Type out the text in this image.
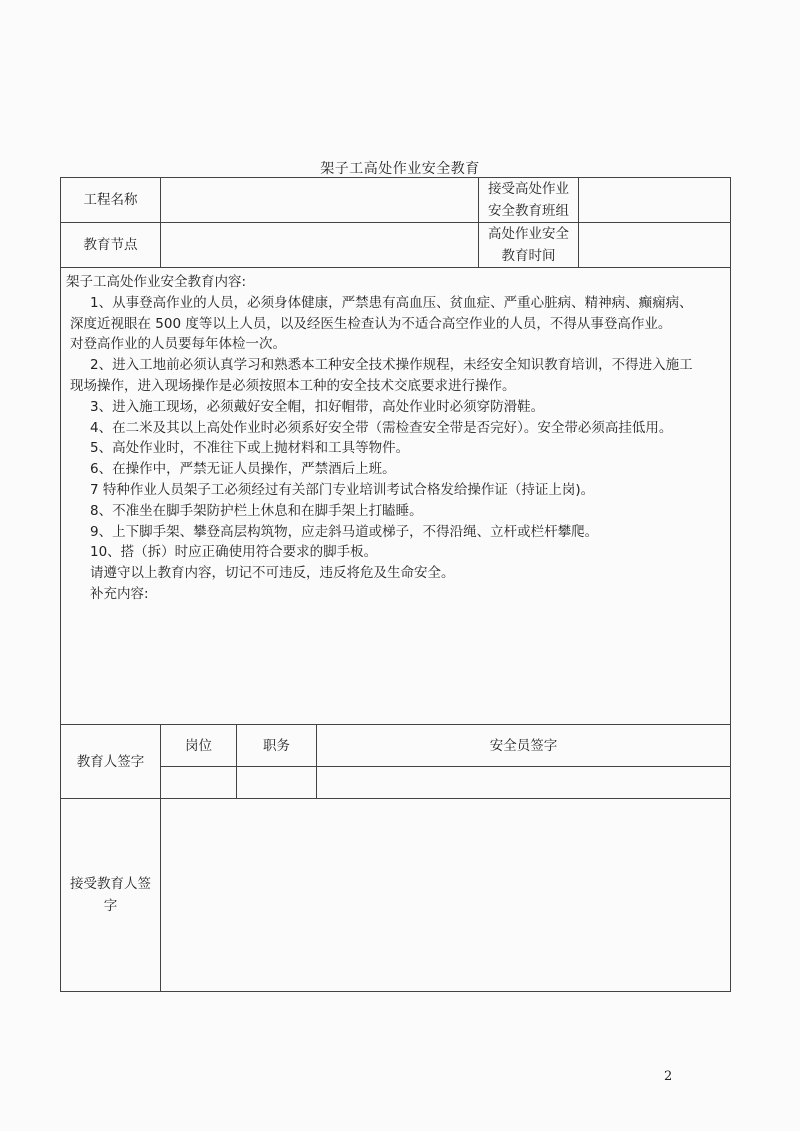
架子工高处作业安全教育
工程名称
接受高处作业
安全教育班组
教育节点
高处作业安全
教育时间
教育人签字
岗位	职务	安全员签字
接受教育人签
字

架子工高处作业安全教育内容:

1、从事登高作业的人员，必须身体健康，严禁患有高血压、贫血症、严重心脏病、精神病、癫痫病、

深度近视眼在 500 度等以上人员，以及经医生检查认为不适合高空作业的人员，不得从事登高作业。

对登高作业的人员要每年体检一次。

2、进入工地前必须认真学习和熟悉本工种安全技术操作规程，未经安全知识教育培训，不得进入施工

现场操作，进入现场操作是必须按照本工种的安全技术交底要求进行操作。

3、进入施工现场，必须戴好安全帽，扣好帽带，高处作业时必须穿防滑鞋。

4、在二米及其以上高处作业时必须系好安全带（需检查安全带是否完好）。安全带必须高挂低用。

5、高处作业时，不准往下或上抛材料和工具等物件。

6、在操作中，严禁无证人员操作，严禁酒后上班。

7 特种作业人员架子工必须经过有关部门专业培训考试合格发给操作证（持证上岗)。

8、不准坐在脚手架防护栏上休息和在脚手架上打瞌睡。

9、上下脚手架、攀登高层构筑物，应走斜马道或梯子，不得沿绳、立杆或栏杆攀爬。

10、搭（拆）时应正确使用符合要求的脚手板。

请遵守以上教育内容，切记不可违反，违反将危及生命安全。

补充内容:

2
